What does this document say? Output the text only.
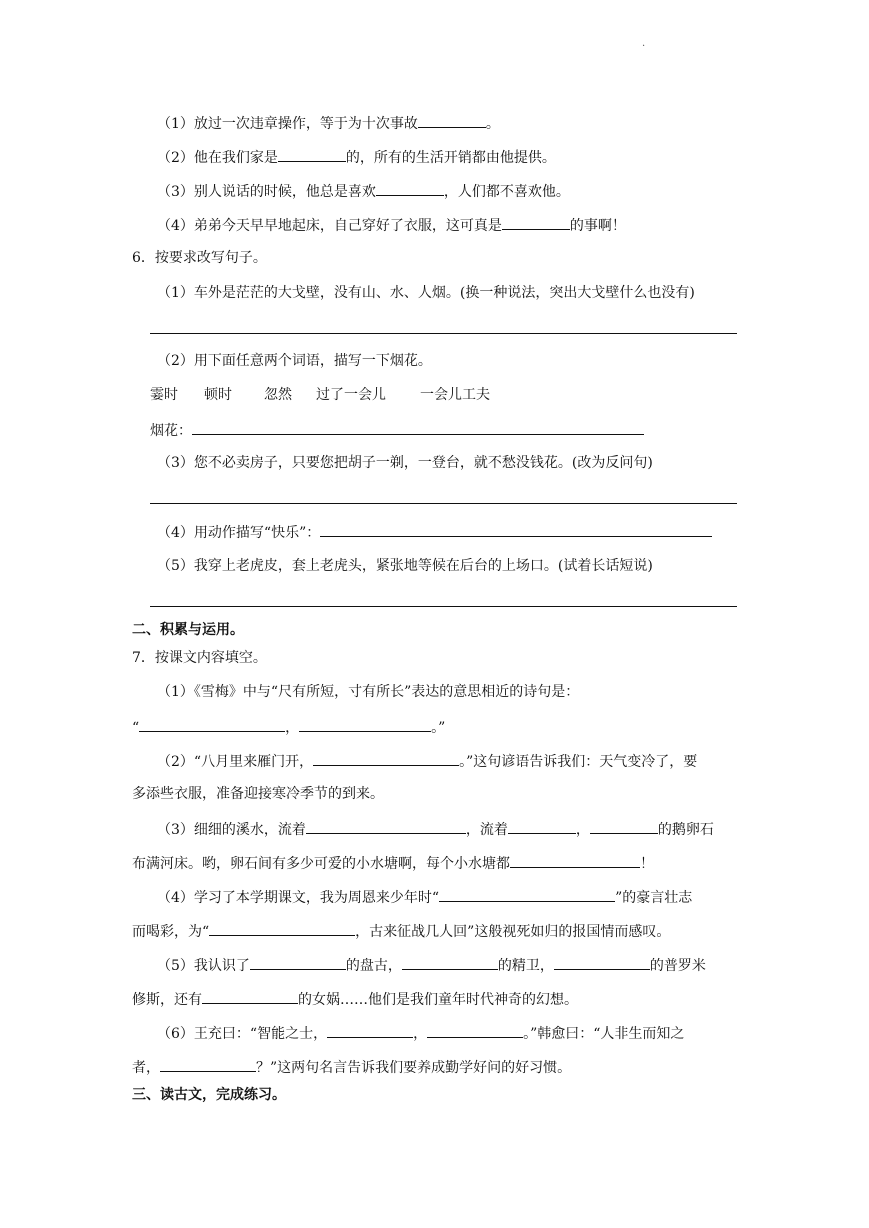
.
（1）放过一次违章操作，等于为十次事故	。
（2）他在我们家是	的，所有的生活开销都由他提供。
（3）别人说话的时候，他总是喜欢	，人们都不喜欢他。
（4）弟弟今天早早地起床，自己穿好了衣服，这可真是	的事啊！
6．按要求改写句子。
（1）车外是茫茫的大戈壁，没有山、水、人烟。(换一种说法，突出大戈壁什么也没有)
（2）用下面任意两个词语，描写一下烟花。
霎时 顿时 忽然 过了一会儿 一会儿工夫
烟花：
（3）您不必卖房子，只要您把胡子一剃，一登台，就不愁没钱花。(改为反问句)
（4）用动作描写“快乐”：
（5）我穿上老虎皮，套上老虎头，紧张地等候在后台的上场口。(试着长话短说)
二、积累与运用。
7．按课文内容填空。
（1）《雪梅》中与“尺有所短，寸有所长”表达的意思相近的诗句是：
“	，	。”
（2）“八月里来雁门开，	。”这句谚语告诉我们：天气变冷了，要
多添些衣服，准备迎接寒冷季节的到来。
（3）细细的溪水，流着	，流着	，	的鹅卵石
布满河床。哟，卵石间有多少可爱的小水塘啊，每个小水塘都	！
（4）学习了本学期课文，我为周恩来少年时“	”的豪言壮志
而喝彩，为“	，古来征战几人回”这般视死如归的报国情而感叹。
（5）我认识了	的盘古，	的精卫，	的普罗米
修斯，还有	的女娲……他们是我们童年时代神奇的幻想。
（6）王充曰：“智能之士，	，	。”韩愈曰：“人非生而知之
者，	？”这两句名言告诉我们要养成勤学好问的好习惯。
三、读古文，完成练习。
